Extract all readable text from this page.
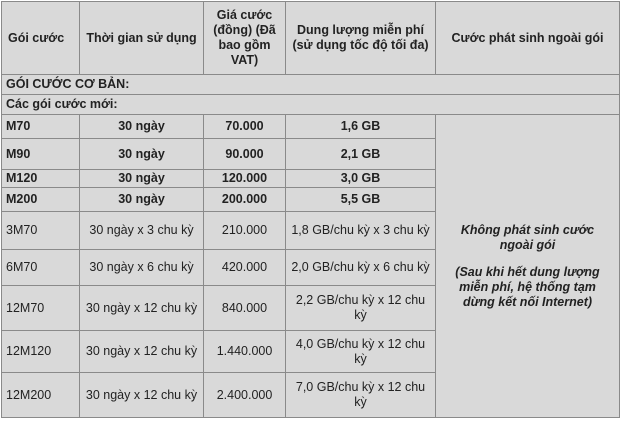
Gói cước	Thời gian sử dụng	Giá cước (đồng) (Đã bao gồm VAT)	Dung lượng miễn phí (sử dụng tốc độ tối đa)	Cước phát sinh ngoài gói
GÓI CƯỚC CƠ BẢN:				
Các gói cước mới:				
M70	30 ngày	70.000	1,6 GB	Không phát sinh cước ngoài gói
(Sau khi hết dung lượng miễn phí, hệ thống tạm dừng kết nối Internet)

M90	30 ngày	90.000	2,1 GB	
M120	30 ngày	120.000	3,0 GB	
M200	30 ngày	200.000	5,5 GB	
3M70	30 ngày x 3 chu kỳ	210.000	1,8 GB/chu kỳ x 3 chu kỳ	
6M70	30 ngày x 6 chu kỳ	420.000	2,0 GB/chu kỳ x 6 chu kỳ	
12M70	30 ngày x 12 chu kỳ	840.000	2,2 GB/chu kỳ x 12 chu kỳ	
12M120	30 ngày x 12 chu kỳ	1.440.000	4,0 GB/chu kỳ x 12 chu kỳ	
12M200	30 ngày x 12 chu kỳ	2.400.000	7,0 GB/chu kỳ x 12 chu kỳ	
